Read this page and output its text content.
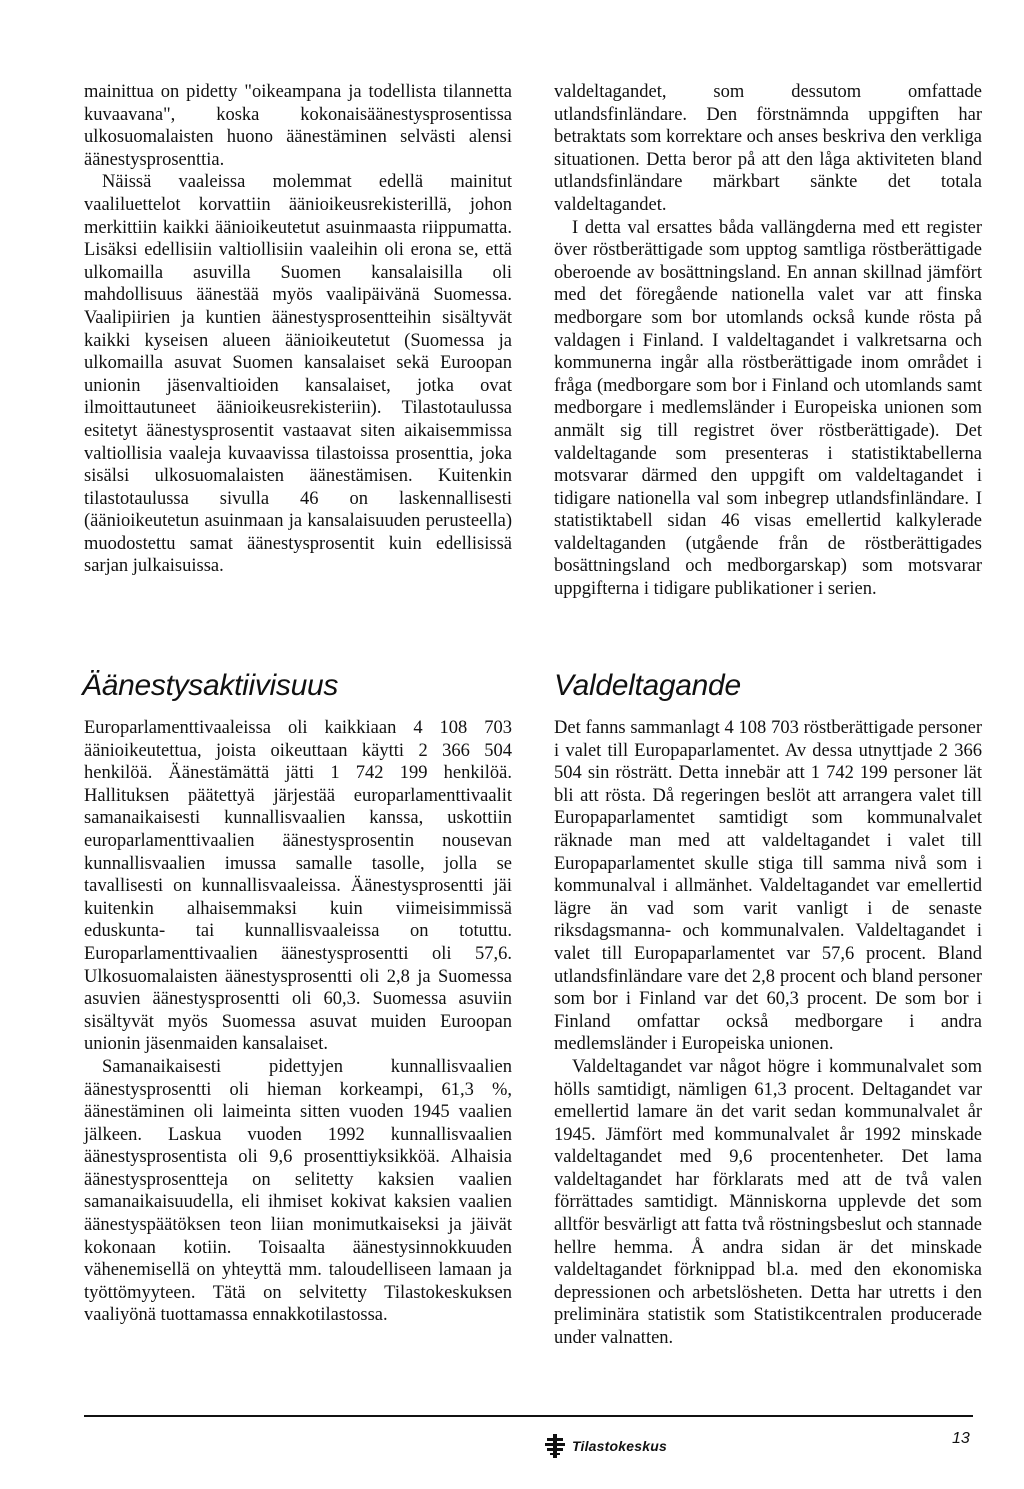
mainittua on pidetty "oikeampana ja todellista tilannetta kuvaavana", koska kokonaisäänestysprosentissa ulkosuomalaisten huono äänestäminen selvästi alensi äänestysprosenttia.

Näissä vaaleissa molemmat edellä mainitut vaaliluettelot korvattiin äänioikeusrekisterillä, johon merkittiin kaikki äänioikeutetut asuinmaasta riippumatta. Lisäksi edellisiin valtiollisiin vaaleihin oli erona se, että ulkomailla asuvilla Suomen kansalaisilla oli mahdollisuus äänestää myös vaalipäivänä Suomessa. Vaalipiirien ja kuntien äänestysprosentteihin sisältyvät kaikki kyseisen alueen äänioikeutetut (Suomessa ja ulkomailla asuvat Suomen kansalaiset sekä Euroopan unionin jäsenvaltioiden kansalaiset, jotka ovat ilmoittautuneet äänioikeusrekisteriin). Tilastotaulussa esitetyt äänestysprosentit vastaavat siten aikaisemmissa valtiollisia vaaleja kuvaavissa tilastoissa prosenttia, joka sisälsi ulkosuomalaisten äänestämisen. Kuitenkin tilastotaulussa sivulla 46 on laskennallisesti (äänioikeutetun asuinmaan ja kansalaisuuden perusteella) muodostettu samat äänestysprosentit kuin edellisissä sarjan julkaisuissa.

valdeltagandet, som dessutom omfattade utlandsfinländare. Den förstnämnda uppgiften har betraktats som korrektare och anses beskriva den verkliga situationen. Detta beror på att den låga aktiviteten bland utlandsfinländare märkbart sänkte det totala valdeltagandet.

I detta val ersattes båda vallängderna med ett register över röstberättigade som upptog samtliga röstberättigade oberoende av bosättningsland. En annan skillnad jämfört med det föregående nationella valet var att finska medborgare som bor utomlands också kunde rösta på valdagen i Finland. I valdeltagandet i valkretsarna och kommunerna ingår alla röstberättigade inom området i fråga (medborgare som bor i Finland och utomlands samt medborgare i medlemsländer i Europeiska unionen som anmält sig till registret över röstberättigade). Det valdeltagande som presenteras i statistiktabellerna motsvarar därmed den uppgift om valdeltagandet i tidigare nationella val som inbegrep utlandsfinländare. I statistiktabell sidan 46 visas emellertid kalkylerade valdeltaganden (utgående från de röstberättigades bosättningsland och medborgarskap) som motsvarar uppgifterna i tidigare publikationer i serien.

Äänestysaktiivisuus	Valdeltagande

Europarlamenttivaaleissa oli kaikkiaan 4 108 703 äänioikeutettua, joista oikeuttaan käytti 2 366 504 henkilöä. Äänestämättä jätti 1 742 199 henkilöä. Hallituksen päätettyä järjestää europarlamenttivaalit samanaikaisesti kunnallisvaalien kanssa, uskottiin europarlamenttivaalien äänestysprosentin nousevan kunnallisvaalien imussa samalle tasolle, jolla se tavallisesti on kunnallisvaaleissa. Äänestysprosentti jäi kuitenkin alhaisemmaksi kuin viimeisimmissä eduskunta- tai kunnallisvaaleissa on totuttu. Europarlamenttivaalien äänestysprosentti oli 57,6. Ulkosuomalaisten äänestysprosentti oli 2,8 ja Suomessa asuvien äänestysprosentti oli 60,3. Suomessa asuviin sisältyvät myös Suomessa asuvat muiden Euroopan unionin jäsenmaiden kansalaiset.

Samanaikaisesti pidettyjen kunnallisvaalien äänestysprosentti oli hieman korkeampi, 61,3 %, äänestäminen oli laimeinta sitten vuoden 1945 vaalien jälkeen. Laskua vuoden 1992 kunnallisvaalien äänestysprosentista oli 9,6 prosenttiyksikköä. Alhaisia äänestysprosentteja on selitetty kaksien vaalien samanaikaisuudella, eli ihmiset kokivat kaksien vaalien äänestyspäätöksen teon liian monimutkaiseksi ja jäivät kokonaan kotiin. Toisaalta äänestysinnokkuuden vähenemisellä on yhteyttä mm. taloudelliseen lamaan ja työttömyyteen. Tätä on selvitetty Tilastokeskuksen vaaliyönä tuottamassa ennakkotilastossa.

Det fanns sammanlagt 4 108 703 röstberättigade personer i valet till Europaparlamentet. Av dessa utnyttjade 2 366 504 sin rösträtt. Detta innebär att 1 742 199 personer lät bli att rösta. Då regeringen beslöt att arrangera valet till Europaparlamentet samtidigt som kommunalvalet räknade man med att valdeltagandet i valet till Europaparlamentet skulle stiga till samma nivå som i kommunalval i allmänhet. Valdeltagandet var emellertid lägre än vad som varit vanligt i de senaste riksdagsmanna- och kommunalvalen. Valdeltagandet i valet till Europaparlamentet var 57,6 procent. Bland utlandsfinländare vare det 2,8 procent och bland personer som bor i Finland var det 60,3 procent. De som bor i Finland omfattar också medborgare i andra medlemsländer i Europeiska unionen.

Valdeltagandet var något högre i kommunalvalet som hölls samtidigt, nämligen 61,3 procent. Deltagandet var emellertid lamare än det varit sedan kommunalvalet år 1945. Jämfört med kommunalvalet år 1992 minskade valdeltagandet med 9,6 procentenheter. Det lama valdeltagandet har förklarats med att de två valen förrättades samtidigt. Människorna upplevde det som alltför besvärligt att fatta två röstningsbeslut och stannade hellre hemma. Å andra sidan är det minskade valdeltagandet förknippad bl.a. med den ekonomiska depressionen och arbetslösheten. Detta har utretts i den preliminära statistik som Statistikcentralen producerade under valnatten.

Tilastokeskus	13
